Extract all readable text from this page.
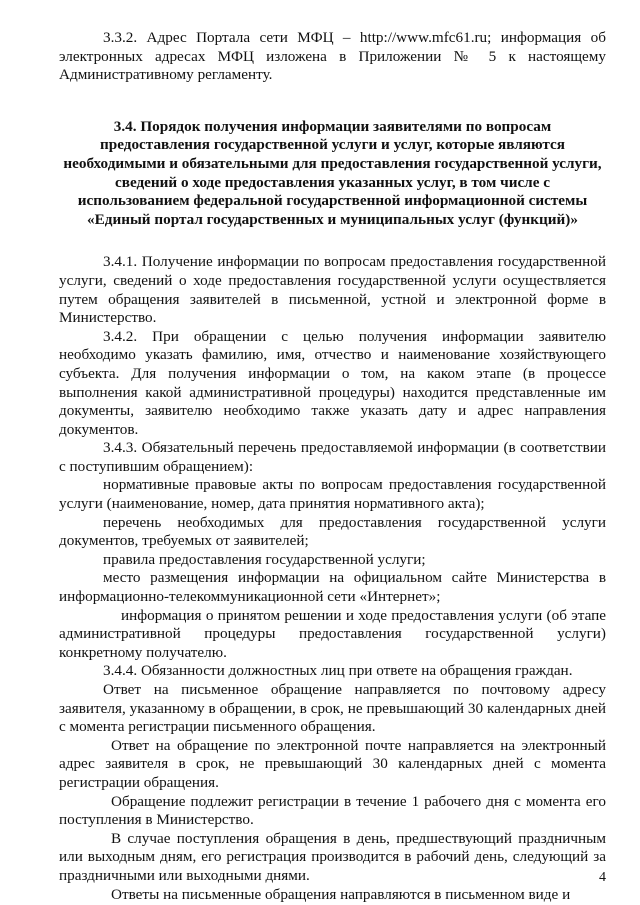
3.3.2. Адрес Портала сети МФЦ – http://www.mfc61.ru; информация об электронных адресах МФЦ изложена в Приложении № 5 к настоящему Административному регламенту.

3.4. Порядок получения информации заявителями по вопросам предоставления государственной услуги и услуг, которые являются необходимыми и обязательными для предоставления государственной услуги, сведений о ходе предоставления указанных услуг, в том числе с использованием федеральной государственной информационной системы «Единый портал государственных и муниципальных услуг (функций)»

3.4.1. Получение информации по вопросам предоставления государственной услуги, сведений о ходе предоставления государственной услуги осуществляется путем обращения заявителей в письменной, устной и электронной форме в Министерство.

3.4.2. При обращении с целью получения информации заявителю необходимо указать фамилию, имя, отчество и наименование хозяйствующего субъекта. Для получения информации о том, на каком этапе (в процессе выполнения какой административной процедуры) находится представленные им документы, заявителю необходимо также указать дату и адрес направления документов.

3.4.3. Обязательный перечень предоставляемой информации (в соответствии с поступившим обращением):

нормативные правовые акты по вопросам предоставления государственной услуги (наименование, номер, дата принятия нормативного акта);

перечень необходимых для предоставления государственной услуги документов, требуемых от заявителей;

правила предоставления государственной услуги;

место размещения информации на официальном сайте Министерства в информационно-телекоммуникационной сети «Интернет»;

информация о принятом решении и ходе предоставления услуги (об этапе административной процедуры предоставления государственной услуги) конкретному получателю.

3.4.4. Обязанности должностных лиц при ответе на обращения граждан.

Ответ на письменное обращение направляется по почтовому адресу заявителя, указанному в обращении, в срок, не превышающий 30 календарных дней с момента регистрации письменного обращения.

Ответ на обращение по электронной почте направляется на электронный адрес заявителя в срок, не превышающий 30 календарных дней с момента регистрации обращения.

Обращение подлежит регистрации в течение 1 рабочего дня с момента его поступления в Министерство.

В случае поступления обращения в день, предшествующий праздничным или выходным дням, его регистрация производится в рабочий день, следующий за праздничными или выходными днями.

Ответы на письменные обращения направляются в письменном виде и

4
